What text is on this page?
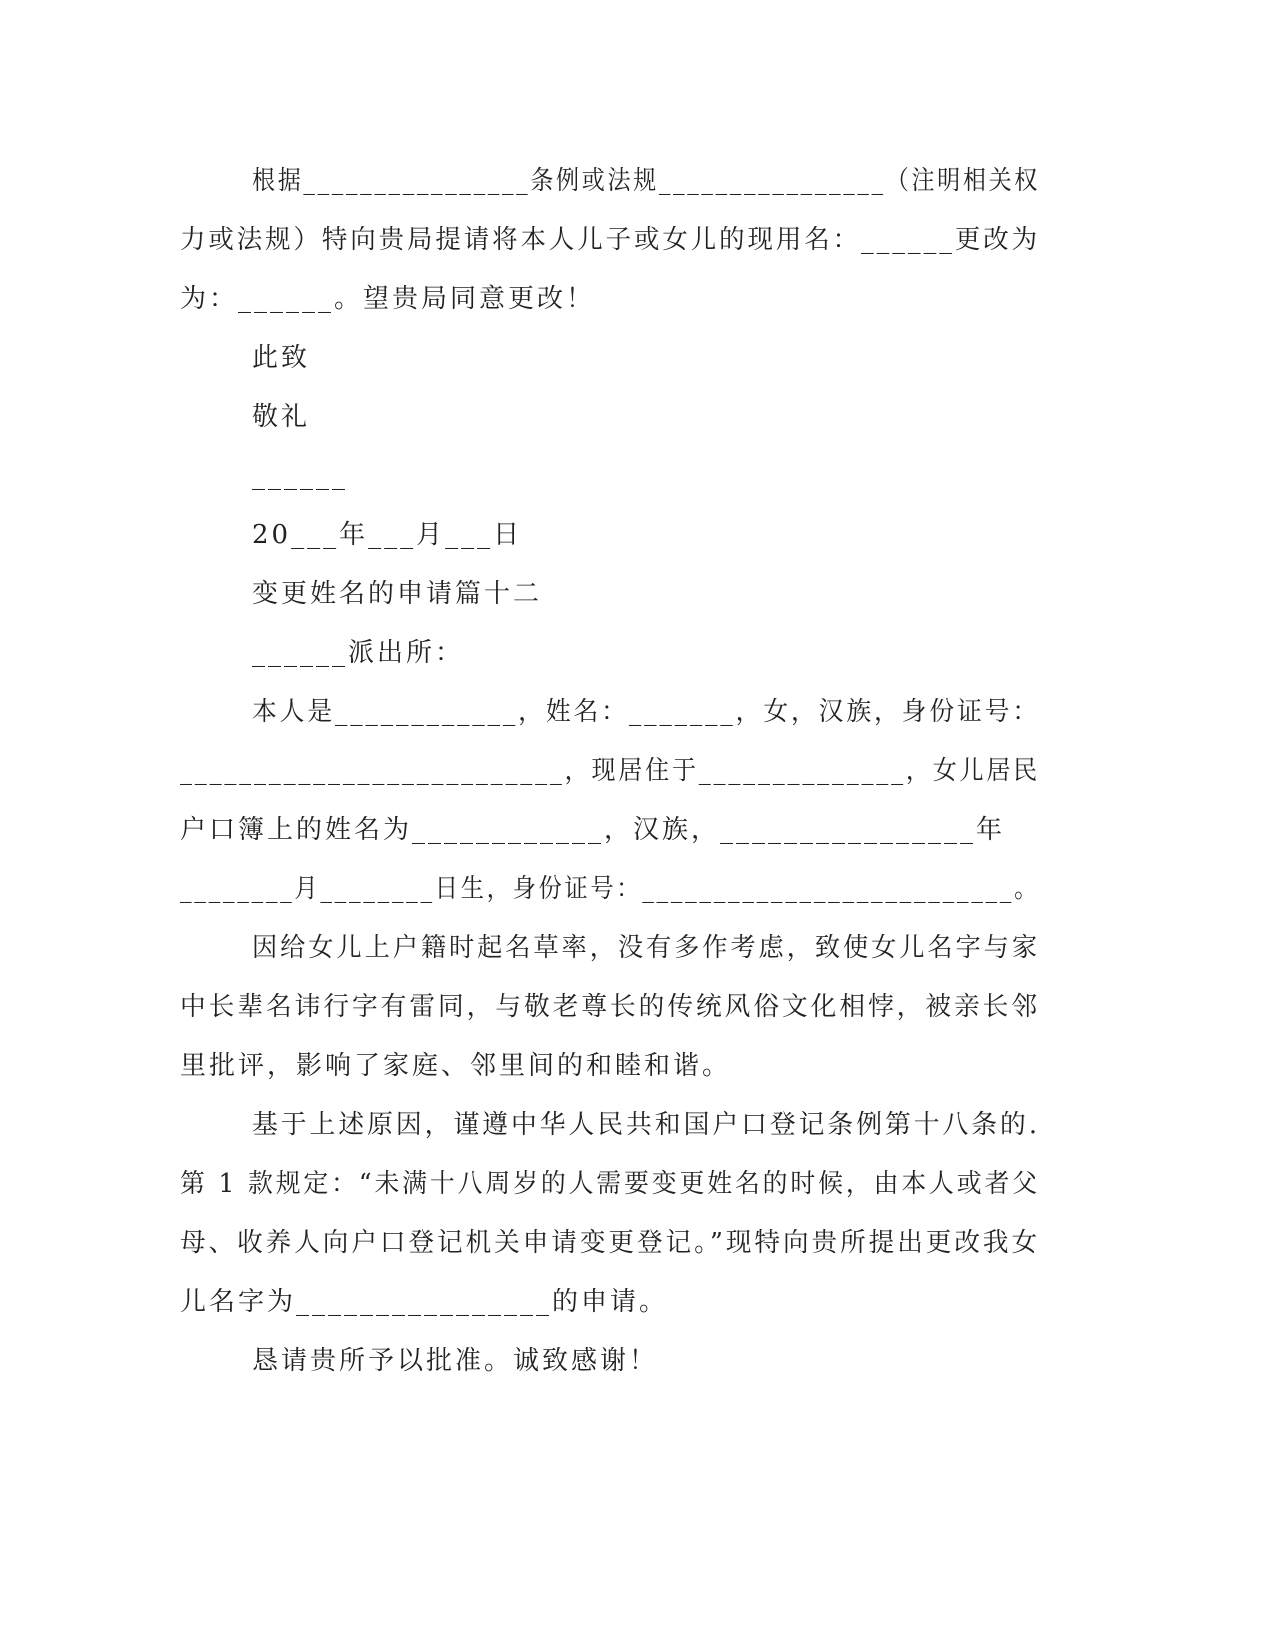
根据________________条例或法规________________（注明相关权
力或法规）特向贵局提请将本人儿子或女儿的现用名：______更改为
为：______。望贵局同意更改！
此致
敬礼
______
20___年___月___日
变更姓名的申请篇十二
______派出所：
本人是____________，姓名：_______，女，汉族，身份证号：
__________________________，现居住于______________，女儿居民
户口簿上的姓名为____________，汉族，________________年
________月________日生，身份证号：__________________________。
因给女儿上户籍时起名草率，没有多作考虑，致使女儿名字与家
中长辈名讳行字有雷同，与敬老尊长的传统风俗文化相悖，被亲长邻
里批评，影响了家庭、邻里间的和睦和谐。
基于上述原因，谨遵中华人民共和国户口登记条例第十八条的.
第 1 款规定：“未满十八周岁的人需要变更姓名的时候，由本人或者父
母、收养人向户口登记机关申请变更登记。”现特向贵所提出更改我女
儿名字为________________的申请。
恳请贵所予以批准。诚致感谢！
